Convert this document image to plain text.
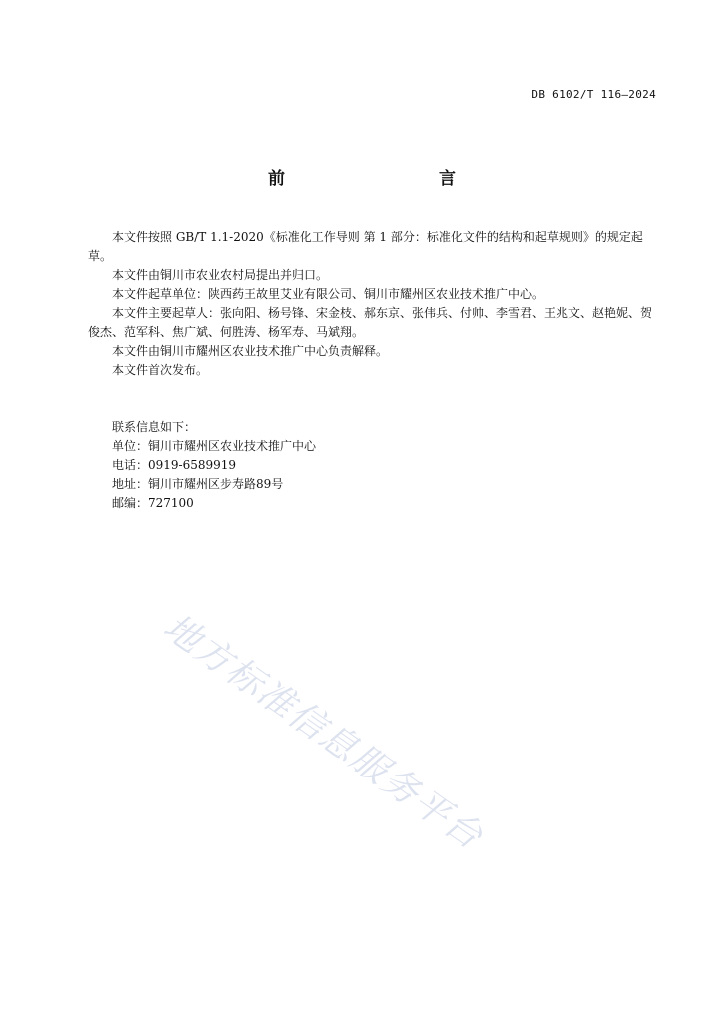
DB 6102/T 116—2024
前　　言

本文件按照 GB/T 1.1-2020《标准化工作导则 第 1 部分：标准化文件的结构和起草规则》的规定起草。

本文件由铜川市农业农村局提出并归口。

本文件起草单位：陕西药王故里艾业有限公司、铜川市耀州区农业技术推广中心。

本文件主要起草人：张向阳、杨号锋、宋金枝、郝东京、张伟兵、付帅、李雪君、王兆文、赵艳妮、贺俊杰、范军科、焦广斌、何胜涛、杨军寿、马斌翔。

本文件由铜川市耀州区农业技术推广中心负责解释。

本文件首次发布。

联系信息如下：
单位：铜川市耀州区农业技术推广中心
电话：0919-6589919
地址：铜川市耀州区步寿路89号
邮编：727100
地方标准信息服务平台
